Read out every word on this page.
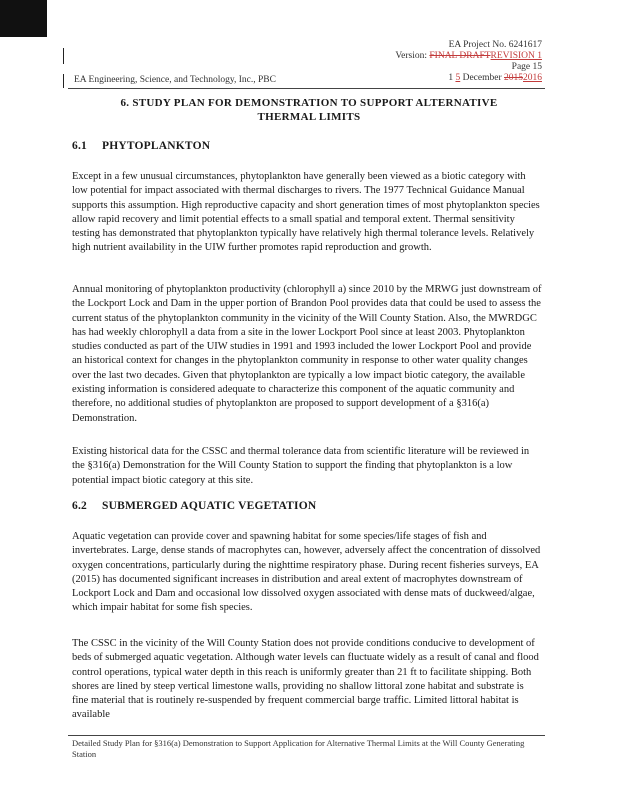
EA Project No. 6241617
Version: FINAL DRAFTREVISION 1
Page 15
1 5 December 20152016
EA Engineering, Science, and Technology, Inc., PBC
6. STUDY PLAN FOR DEMONSTRATION TO SUPPORT ALTERNATIVE
THERMAL LIMITS
6.1 PHYTOPLANKTON

Except in a few unusual circumstances, phytoplankton have generally been viewed as a biotic category with low potential for impact associated with thermal discharges to rivers. The 1977 Technical Guidance Manual supports this assumption. High reproductive capacity and short generation times of most phytoplankton species allow rapid recovery and limit potential effects to a small spatial and temporal extent. Thermal sensitivity testing has demonstrated that phytoplankton typically have relatively high thermal tolerance levels. Relatively high nutrient availability in the UIW further promotes rapid reproduction and growth.

Annual monitoring of phytoplankton productivity (chlorophyll a) since 2010 by the MRWG just downstream of the Lockport Lock and Dam in the upper portion of Brandon Pool provides data that could be used to assess the current status of the phytoplankton community in the vicinity of the Will County Station. Also, the MWRDGC has had weekly chlorophyll a data from a site in the lower Lockport Pool since at least 2003. Phytoplankton studies conducted as part of the UIW studies in 1991 and 1993 included the lower Lockport Pool and provide an historical context for changes in the phytoplankton community in response to other water quality changes over the last two decades. Given that phytoplankton are typically a low impact biotic category, the available existing information is considered adequate to characterize this component of the aquatic community and therefore, no additional studies of phytoplankton are proposed to support development of a §316(a) Demonstration.

Existing historical data for the CSSC and thermal tolerance data from scientific literature will be reviewed in the §316(a) Demonstration for the Will County Station to support the finding that phytoplankton is a low potential impact biotic category at this site.

6.2 SUBMERGED AQUATIC VEGETATION

Aquatic vegetation can provide cover and spawning habitat for some species/life stages of fish and invertebrates. Large, dense stands of macrophytes can, however, adversely affect the concentration of dissolved oxygen concentrations, particularly during the nighttime respiratory phase. During recent fisheries surveys, EA (2015) has documented significant increases in distribution and areal extent of macrophytes downstream of Lockport Lock and Dam and occasional low dissolved oxygen associated with dense mats of duckweed/algae, which impair habitat for some fish species.

The CSSC in the vicinity of the Will County Station does not provide conditions conducive to development of beds of submerged aquatic vegetation. Although water levels can fluctuate widely as a result of canal and flood control operations, typical water depth in this reach is uniformly greater than 21 ft to facilitate shipping. Both shores are lined by steep vertical limestone walls, providing no shallow littoral zone habitat and substrate is fine material that is routinely re-suspended by frequent commercial barge traffic. Limited littoral habitat is available

Detailed Study Plan for §316(a) Demonstration to Support Application for Alternative Thermal Limits at the Will County Generating Station
